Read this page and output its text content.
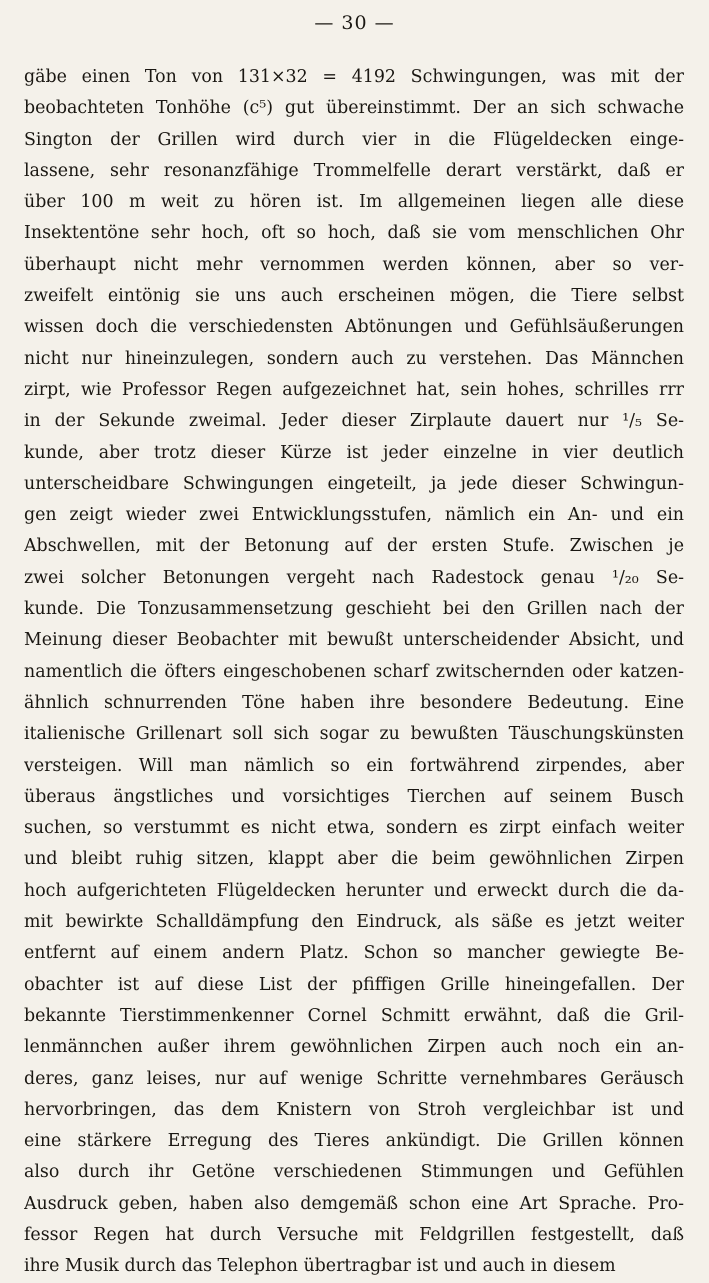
— 30 —
gäbe einen Ton von 131×32 = 4192 Schwingungen, was mit der
beobachteten Tonhöhe (c⁵) gut übereinstimmt. Der an sich schwache
Sington der Grillen wird durch vier in die Flügeldecken einge-
lassene, sehr resonanzfähige Trommelfelle derart verstärkt, daß er
über 100 m weit zu hören ist. Im allgemeinen liegen alle diese
Insektentöne sehr hoch, oft so hoch, daß sie vom menschlichen Ohr
überhaupt nicht mehr vernommen werden können, aber so ver-
zweifelt eintönig sie uns auch erscheinen mögen, die Tiere selbst
wissen doch die verschiedensten Abtönungen und Gefühlsäußerungen
nicht nur hineinzulegen, sondern auch zu verstehen. Das Männchen
zirpt, wie Professor Regen aufgezeichnet hat, sein hohes, schrilles rrr
in der Sekunde zweimal. Jeder dieser Zirplaute dauert nur ¹/₅ Se-
kunde, aber trotz dieser Kürze ist jeder einzelne in vier deutlich
unterscheidbare Schwingungen eingeteilt, ja jede dieser Schwingun-
gen zeigt wieder zwei Entwicklungsstufen, nämlich ein An- und ein
Abschwellen, mit der Betonung auf der ersten Stufe. Zwischen je
zwei solcher Betonungen vergeht nach Radestock genau ¹/₂₀ Se-
kunde. Die Tonzusammensetzung geschieht bei den Grillen nach der
Meinung dieser Beobachter mit bewußt unterscheidender Absicht, und
namentlich die öfters eingeschobenen scharf zwitschernden oder katzen-
ähnlich schnurrenden Töne haben ihre besondere Bedeutung. Eine
italienische Grillenart soll sich sogar zu bewußten Täuschungskünsten
versteigen. Will man nämlich so ein fortwährend zirpendes, aber
überaus ängstliches und vorsichtiges Tierchen auf seinem Busch
suchen, so verstummt es nicht etwa, sondern es zirpt einfach weiter
und bleibt ruhig sitzen, klappt aber die beim gewöhnlichen Zirpen
hoch aufgerichteten Flügeldecken herunter und erweckt durch die da-
mit bewirkte Schalldämpfung den Eindruck, als säße es jetzt weiter
entfernt auf einem andern Platz. Schon so mancher gewiegte Be-
obachter ist auf diese List der pfiffigen Grille hineingefallen. Der
bekannte Tierstimmenkenner Cornel Schmitt erwähnt, daß die Gril-
lenmännchen außer ihrem gewöhnlichen Zirpen auch noch ein an-
deres, ganz leises, nur auf wenige Schritte vernehmbares Geräusch
hervorbringen, das dem Knistern von Stroh vergleichbar ist und
eine stärkere Erregung des Tieres ankündigt. Die Grillen können
also durch ihr Getöne verschiedenen Stimmungen und Gefühlen
Ausdruck geben, haben also demgemäß schon eine Art Sprache. Pro-
fessor Regen hat durch Versuche mit Feldgrillen festgestellt, daß
ihre Musik durch das Telephon übertragbar ist und auch in diesem
